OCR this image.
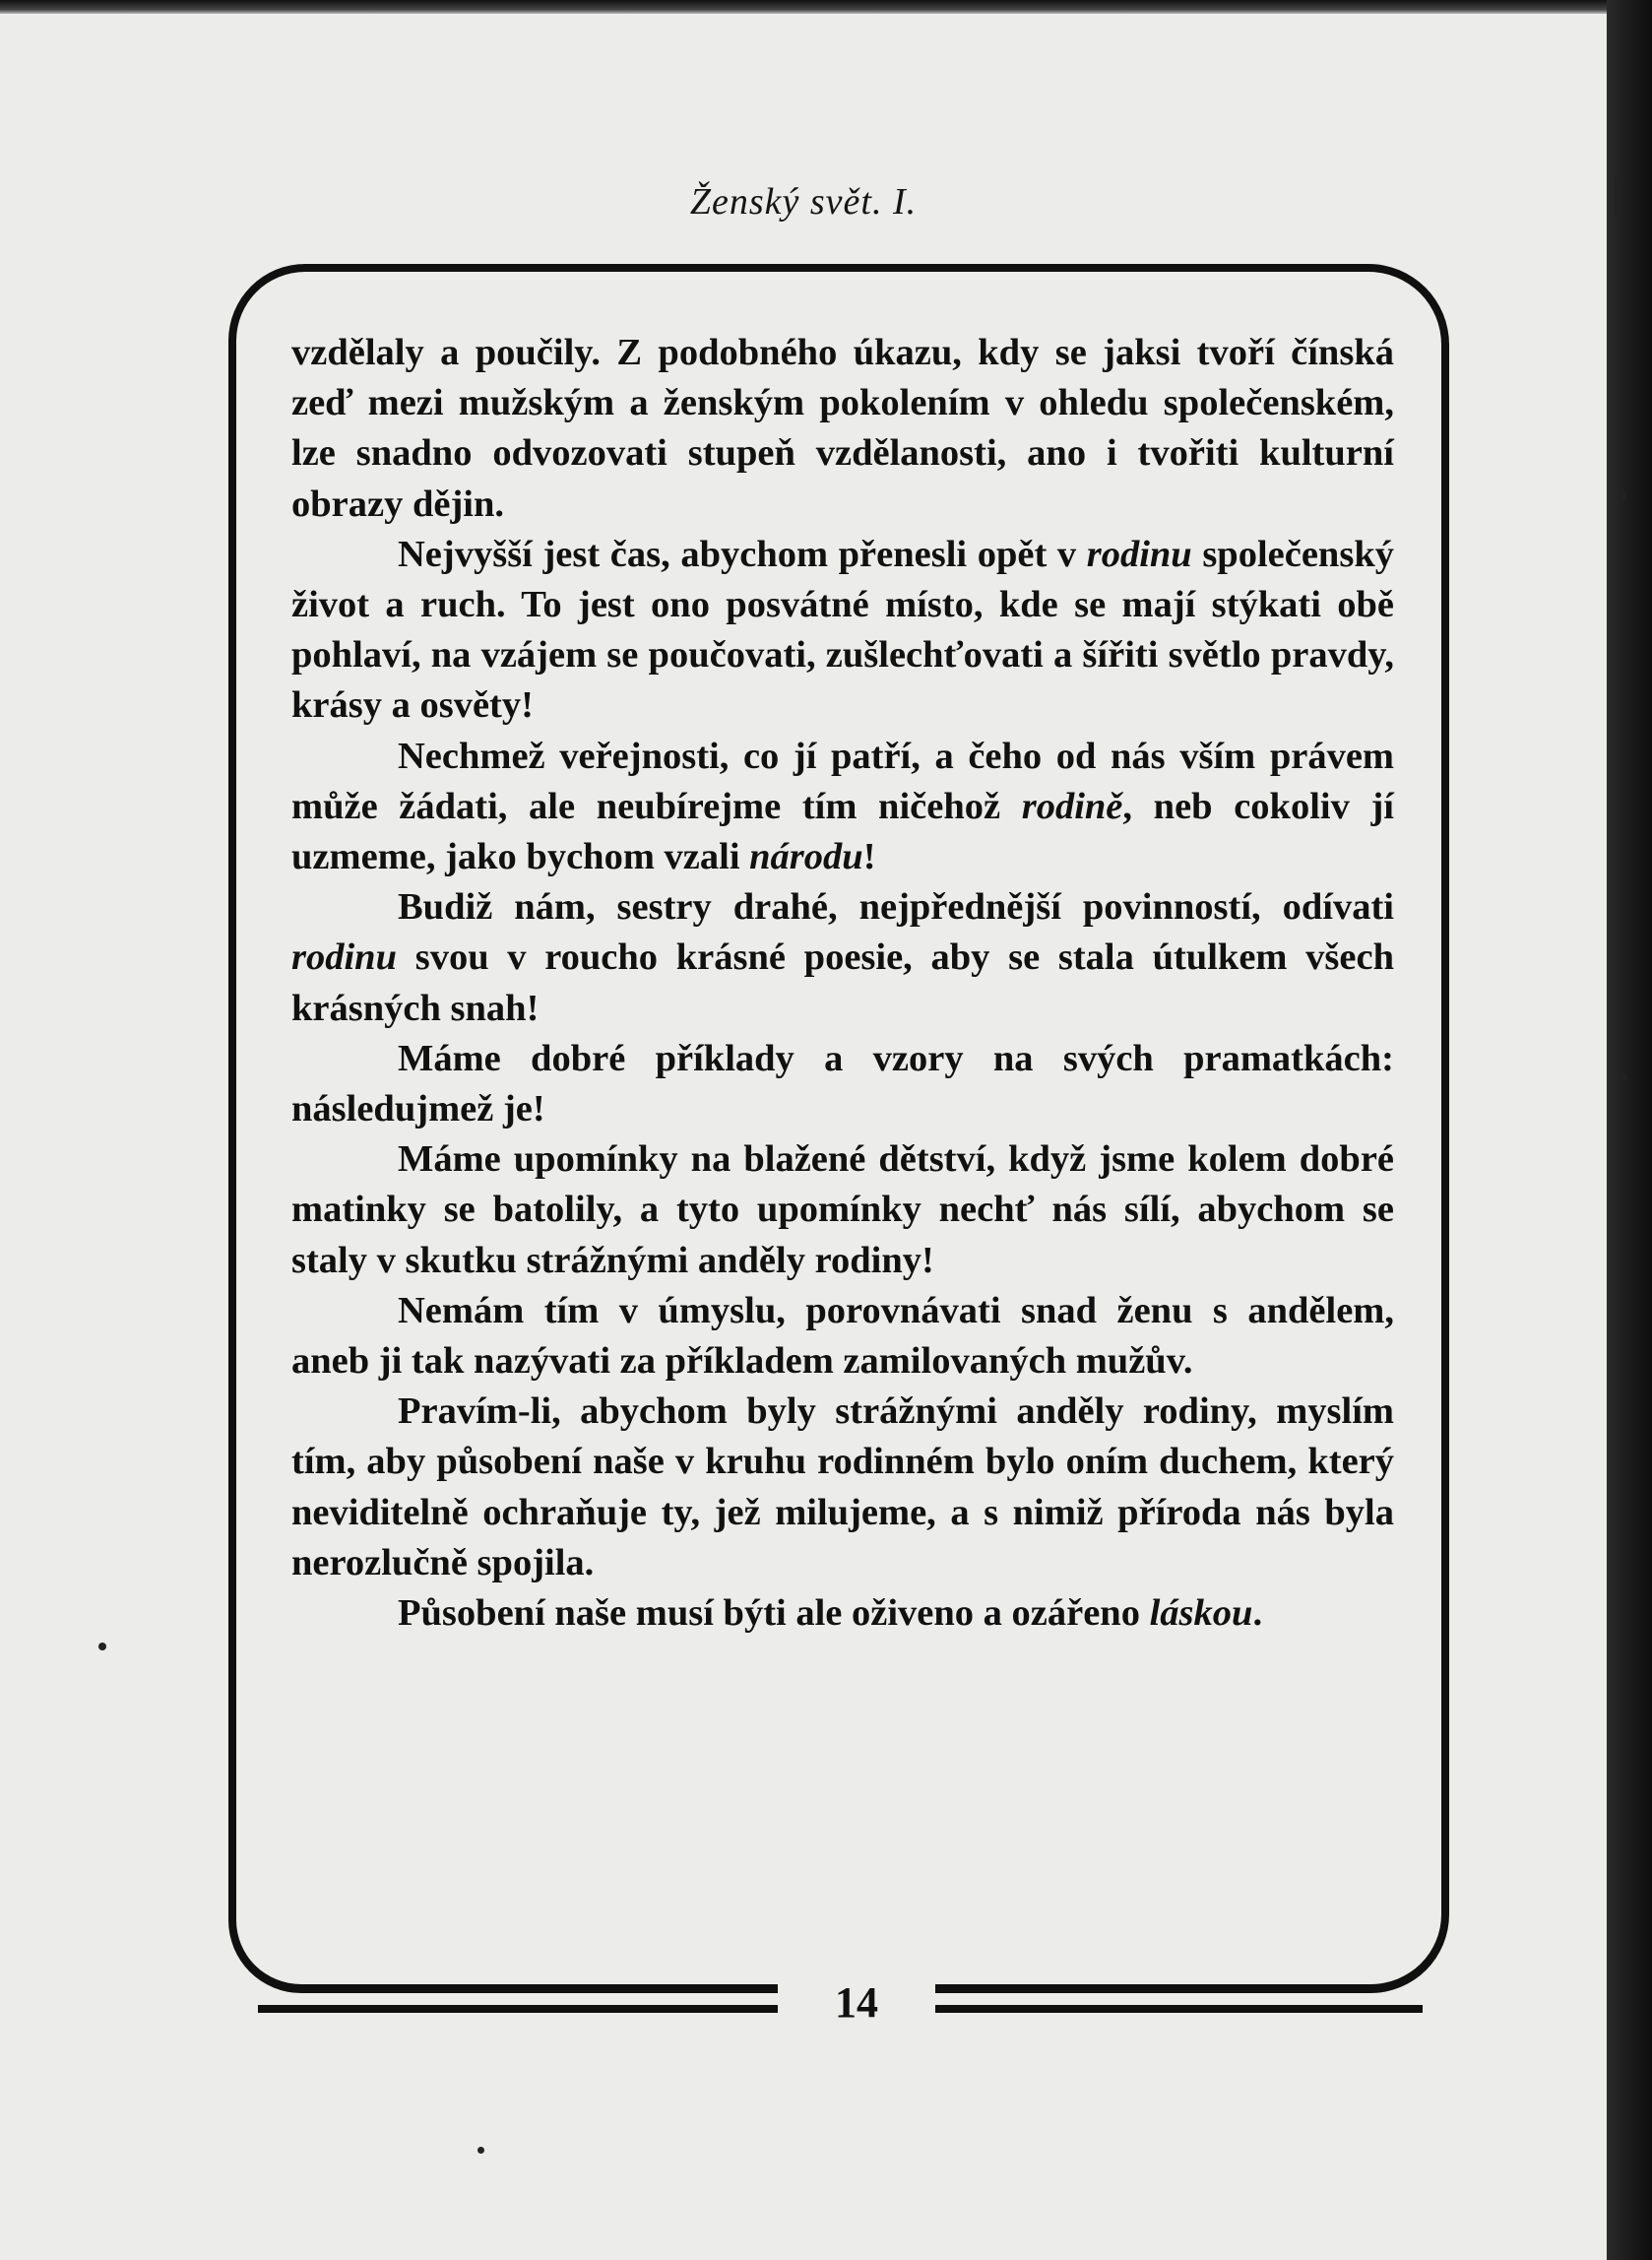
Ženský svět. I.

vzdělaly a poučily. Z podobného úkazu, kdy se jaksi tvoří čínská zeď mezi mužským a ženským pokolením v ohledu společenském, lze snadno odvozovati stupeň vzdělanosti, ano i tvořiti kulturní obrazy dějin.

Nejvyšší jest čas, abychom přenesli opět v rodinu společenský život a ruch. To jest ono posvátné místo, kde se mají stýkati obě pohlaví, na vzájem se poučovati, zušlechťovati a šířiti světlo pravdy, krásy a osvěty!

Nechmež veřejnosti, co jí patří, a čeho od nás vším právem může žádati, ale neubírejme tím ničehož rodině, neb cokoliv jí uzmeme, jako bychom vzali národu!

Budiž nám, sestry drahé, nejpřednější povinností, odívati rodinu svou v roucho krásné poesie, aby se stala útulkem všech krásných snah!

Máme dobré příklady a vzory na svých pramatkách: následujmež je!

Máme upomínky na blažené dětství, když jsme kolem dobré matinky se batolily, a tyto upomínky nechť nás sílí, abychom se staly v skutku strážnými anděly rodiny!

Nemám tím v úmyslu, porovnávati snad ženu s andělem, aneb ji tak nazývati za příkladem zamilovaných mužův.

Pravím-li, abychom byly strážnými anděly rodiny, myslím tím, aby působení naše v kruhu rodinném bylo oním duchem, který neviditelně ochraňuje ty, jež milujeme, a s nimiž příroda nás byla nerozlučně spojila.

Působení naše musí býti ale oživeno a ozářeno láskou.

14
